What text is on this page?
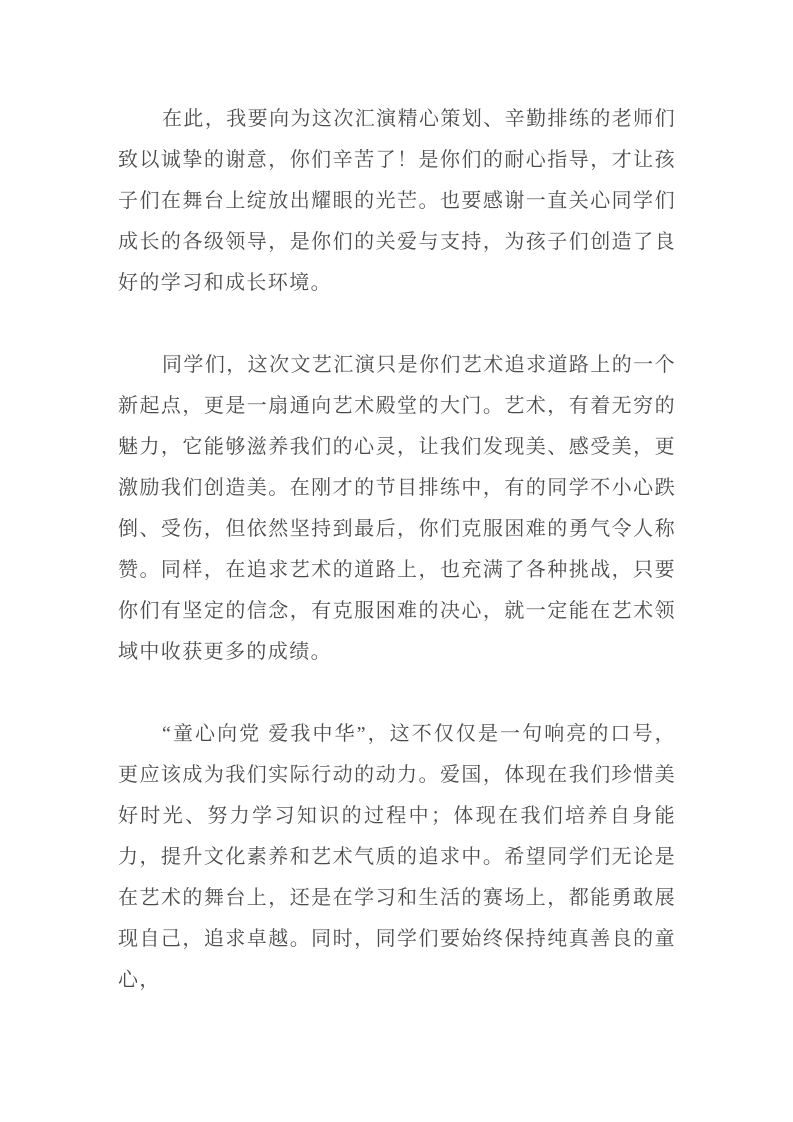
在此，我要向为这次汇演精心策划、辛勤排练的老师们致以诚挚的谢意，你们辛苦了！是你们的耐心指导，才让孩子们在舞台上绽放出耀眼的光芒。也要感谢一直关心同学们成长的各级领导，是你们的关爱与支持，为孩子们创造了良好的学习和成长环境。

同学们，这次文艺汇演只是你们艺术追求道路上的一个新起点，更是一扇通向艺术殿堂的大门。艺术，有着无穷的魅力，它能够滋养我们的心灵，让我们发现美、感受美，更激励我们创造美。在刚才的节目排练中，有的同学不小心跌倒、受伤，但依然坚持到最后，你们克服困难的勇气令人称赞。同样，在追求艺术的道路上，也充满了各种挑战，只要你们有坚定的信念，有克服困难的决心，就一定能在艺术领域中收获更多的成绩。

“童心向党 爱我中华”，这不仅仅是一句响亮的口号，更应该成为我们实际行动的动力。爱国，体现在我们珍惜美好时光、努力学习知识的过程中；体现在我们培养自身能力，提升文化素养和艺术气质的追求中。希望同学们无论是在艺术的舞台上，还是在学习和生活的赛场上，都能勇敢展现自己，追求卓越。同时，同学们要始终保持纯真善良的童心，
